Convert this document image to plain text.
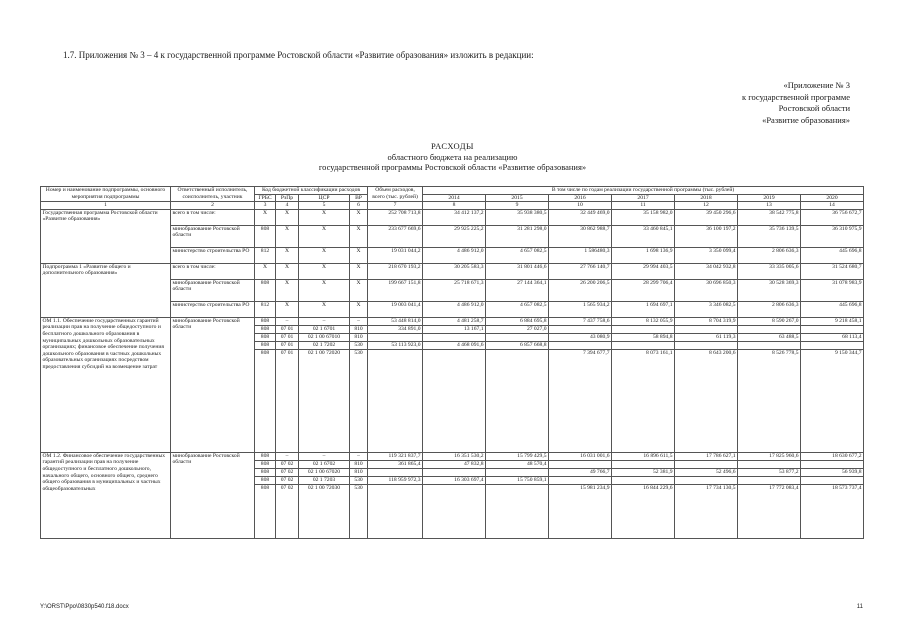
1.7. Приложения № 3 – 4 к государственной программе Ростовской области «Развитие образования» изложить в редакции:
«Приложение № 3
к государственной программе
Ростовской области
«Развитие образования»
РАСХОДЫ
областного бюджета на реализацию
государственной программы Ростовской области «Развитие образования»
Номер и наименование подпрограммы, основного мероприятия подпрограммы	Ответственный исполнитель, соисполнитель, участник	Код бюджетной классификации расходов				Объем расходов, всего (тыс. рублей)	В том числе по годам реализации государственной программы (тыс. рублей)						
		ГРБС	РзПр	ЦСР	ВР		2014	2015	2016	2017	2018	2019	2020
1	2	3	4	5	6	7	8	9	10	11	12	13	14
Государственная программа Ростовской области «Развитие образования»	всего в том числе:	X	X	X	X	252 708 713,8	34 412 137,2	35 938 380,5	32 449 469,0	35 158 982,0	39 450 296,6	38 542 775,8	36 756 672,7
	минобразование Ростовской области	808	X	X	X	233 677 669,6	29 925 225,2	31 281 298,0	30 862 988,7	33 460 845,1	36 100 197,2	35 736 139,5	36 310 975,9
	министерство строительства РО	812	X	X	X	19 031 044,2	4 486 912,0	4 657 082,5	1 586480,3	1 698 136,9	3 350 099,4	2 806 636,3	445 696,8
Подпрограмма 1 «Развитие общего и дополнительного образования»	всего в том числе:	X	X	X	X	218 670 193,2	30 205 583,3	31 801 446,6	27 766 140,7	29 994 403,5	34 042 932,8	33 335 005,6	31 524 680,7
	минобразование Ростовской области	808	X	X	X	199 667 151,8	25 718 671,3	27 144 364,1	26 200 206,5	28 299 706,4	30 696 850,3	30 528 369,3	31 078 983,9
	министерство строительства РО	812	X	X	X	19 003 041,4	4 486 912,0	4 657 082,5	1 565 934,2	1 694 697,1	3 346 082,5	2 806 636,3	445 696,8
ОМ 1.1. Обеспечение государственных гарантий реализации прав на получение общедоступного и бесплатного дошкольного образования в муниципальных дошкольных образовательных организациях; финансовое обеспечение получения дошкольного образования в частных дошкольных образовательных организациях посредством предоставления субсидий на возмещение затрат	минобразование Ростовской области	808	–	–	–	53 448 814,0	4 481 258,7	6 884 695,8	7 437 758,6	8 132 055,9	8 704 319,9	8 590 267,0	9 218 458,1
		808	07 01	02 1 6701	810	334 891,0	13 167,1	27 027,0					
		808	07 01	02 1 00 67010	810				43 080,9	58 894,8	61 119,3	63 488,5	68 113,4
		808	07 01	02 1 7202	530	53 113 923,0	4 468 091,6	6 857 668,8					
		808	07 01	02 1 00 72020	530				7 394 677,7	8 073 161,1	8 643 200,6	8 526 778,5	9 150 344,7
ОМ 1.2. Финансовое обеспечение государственных гарантий реализации прав на получение общедоступного и бесплатного дошкольного, начального общего, основного общего, среднего общего образования в муниципальных и частных общеобразовательных	минобразование Ростовской области	808	–	–	–	119 321 837,7	16 351 530,2	15 799 429,5	16 031 001,6	16 896 611,5	17 786 627,1	17 825 960,6	18 630 677,2
		808	07 02	02 1 6702	810	361 865,4	47 832,8	48 570,4					
		808	07 02	02 1 00 67020	810				49 766,7	52 381,9	52 496,6	53 877,2	56 939,8
		808	07 02	02 1 7203	530	118 959 972,3	16 303 697,4	15 750 859,1					
		808	07 02	02 1 00 72030	530				15 981 234,9	16 844 229,6	17 734 130,5	17 772 083,4	18 573 737,4
Y:\ORST\Ppo\0830p540.f18.docx	11
